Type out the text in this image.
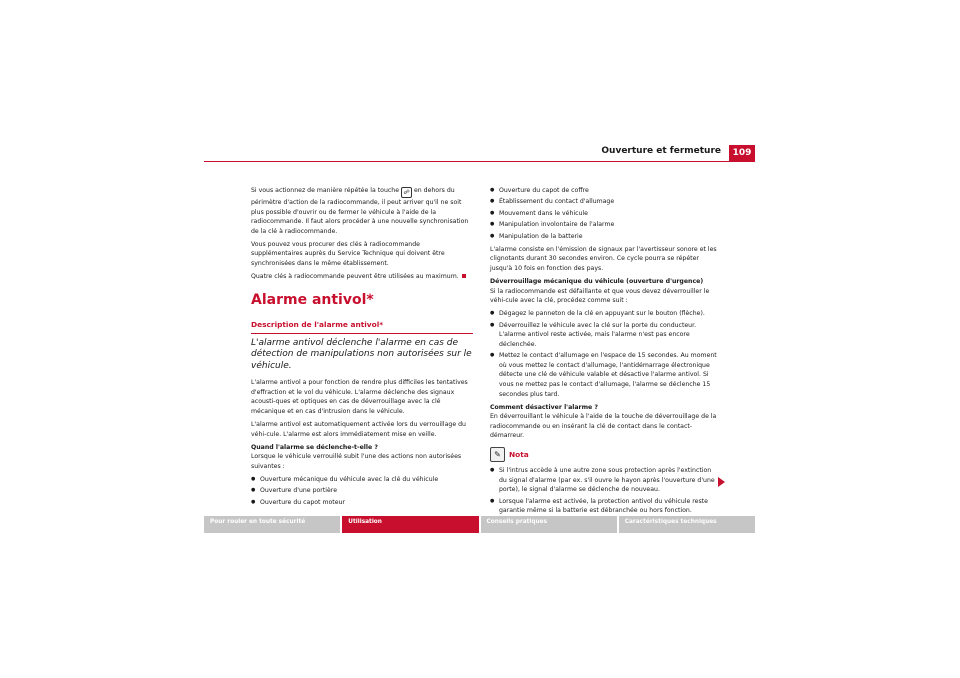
Ouverture et fermeture	109

Si vous actionnez de manière répétée la touche ☍ en dehors du périmètre d'action de la radiocommande, il peut arriver qu'il ne soit plus possible d'ouvrir ou de fermer le véhicule à l'aide de la radiocommande. Il faut alors procéder à une nouvelle synchronisation de la clé à radiocommande.

Vous pouvez vous procurer des clés à radiocommande supplémentaires auprès du Service Technique qui doivent être synchronisées dans le même établissement.

Quatre clés à radiocommande peuvent être utilisées au maximum.

Alarme antivol*
Description de l'alarme antivol*
L'alarme antivol déclenche l'alarme en cas de détection de manipulations non autorisées sur le véhicule.

L'alarme antivol a pour fonction de rendre plus difficiles les tentatives d'effraction et le vol du véhicule. L'alarme déclenche des signaux acousti-ques et optiques en cas de déverrouillage avec la clé mécanique et en cas d'intrusion dans le véhicule.

L'alarme antivol est automatiquement activée lors du verrouillage du véhi-cule. L'alarme est alors immédiatement mise en veille.

Quand l'alarme se déclenche-t-elle ?

Lorsque le véhicule verrouillé subit l'une des actions non autorisées suivantes :

● Ouverture mécanique du véhicule avec la clé du véhicule
● Ouverture d'une portière
● Ouverture du capot moteur
● Ouverture du capot de coffre
● Établissement du contact d'allumage
● Mouvement dans le véhicule
● Manipulation involontaire de l'alarme
● Manipulation de la batterie

L'alarme consiste en l'émission de signaux par l'avertisseur sonore et les clignotants durant 30 secondes environ. Ce cycle pourra se répéter jusqu'à 10 fois en fonction des pays.

Déverrouillage mécanique du véhicule (ouverture d'urgence)

Si la radiocommande est défaillante et que vous devez déverrouiller le véhi-cule avec la clé, procédez comme suit :

● Dégagez le panneton de la clé en appuyant sur le bouton (flèche).
● Déverrouillez le véhicule avec la clé sur la porte du conducteur. L'alarme antivol reste activée, mais l'alarme n'est pas encore déclenchée.
● Mettez le contact d'allumage en l'espace de 15 secondes. Au moment où vous mettez le contact d'allumage, l'antidémarrage électronique détecte une clé de véhicule valable et désactive l'alarme antivol. Si vous ne mettez pas le contact d'allumage, l'alarme se déclenche 15 secondes plus tard.

Comment désactiver l'alarme ?

En déverrouillant le véhicule à l'aide de la touche de déverrouillage de la radiocommande ou en insérant la clé de contact dans le contact-démarreur.

✎	Nota
● Si l'intrus accède à une autre zone sous protection après l'extinction du signal d'alarme (par ex. s'il ouvre le hayon après l'ouverture d'une porte), le signal d'alarme se déclenche de nouveau.
● Lorsque l'alarme est activée, la protection antivol du véhicule reste garantie même si la batterie est débranchée ou hors fonction.
Pour rouler en toute sécurité	Utilisation	Conseils pratiques	Caractéristiques techniques
